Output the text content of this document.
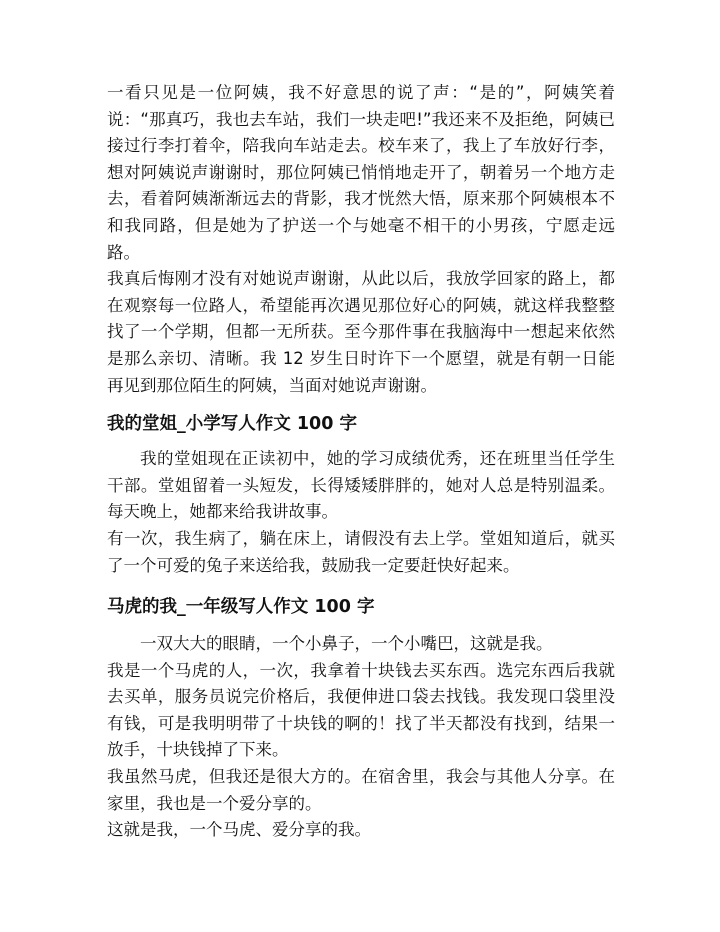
一看只见是一位阿姨，我不好意思的说了声：“是的”，阿姨笑着说：“那真巧，我也去车站，我们一块走吧!”我还来不及拒绝，阿姨已接过行李打着伞，陪我向车站走去。校车来了，我上了车放好行李，想对阿姨说声谢谢时，那位阿姨已悄悄地走开了，朝着另一个地方走去，看着阿姨渐渐远去的背影，我才恍然大悟，原来那个阿姨根本不和我同路，但是她为了护送一个与她毫不相干的小男孩，宁愿走远路。

我真后悔刚才没有对她说声谢谢，从此以后，我放学回家的路上，都在观察每一位路人，希望能再次遇见那位好心的阿姨，就这样我整整找了一个学期，但都一无所获。至今那件事在我脑海中一想起来依然是那么亲切、清晰。我 12 岁生日时许下一个愿望，就是有朝一日能再见到那位陌生的阿姨，当面对她说声谢谢。

我的堂姐_小学写人作文 100 字

我的堂姐现在正读初中，她的学习成绩优秀，还在班里当任学生干部。堂姐留着一头短发，长得矮矮胖胖的，她对人总是特别温柔。每天晚上，她都来给我讲故事。

有一次，我生病了，躺在床上，请假没有去上学。堂姐知道后，就买了一个可爱的兔子来送给我，鼓励我一定要赶快好起来。

马虎的我_一年级写人作文 100 字

一双大大的眼睛，一个小鼻子，一个小嘴巴，这就是我。

我是一个马虎的人，一次，我拿着十块钱去买东西。选完东西后我就去买单，服务员说完价格后，我便伸进口袋去找钱。我发现口袋里没有钱，可是我明明带了十块钱的啊的！找了半天都没有找到，结果一放手，十块钱掉了下来。

我虽然马虎，但我还是很大方的。在宿舍里，我会与其他人分享。在家里，我也是一个爱分享的。

这就是我，一个马虎、爱分享的我。
